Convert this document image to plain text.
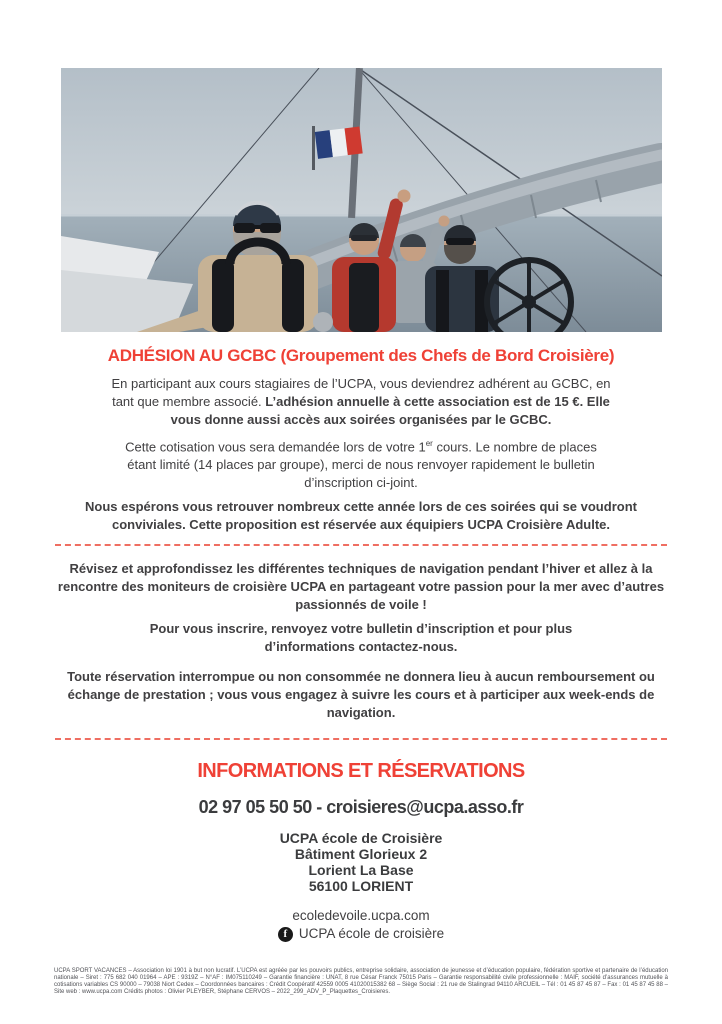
ADHÉSION AU GCBC (Groupement des Chefs de Bord Croisière)

En participant aux cours stagiaires de l’UCPA, vous deviendrez adhérent au GCBC, en tant que membre associé. L’adhésion annuelle à cette association est de 15 €. Elle vous donne aussi accès aux soirées organisées par le GCBC.

Cette cotisation vous sera demandée lors de votre 1er cours. Le nombre de places étant limité (14 places par groupe), merci de nous renvoyer rapidement le bulletin d’inscription ci-joint.

Nous espérons vous retrouver nombreux cette année lors de ces soirées qui se voudront conviviales. Cette proposition est réservée aux équipiers UCPA Croisière Adulte.

Révisez et approfondissez les différentes techniques de navigation pendant l’hiver et allez à la rencontre des moniteurs de croisière UCPA en partageant votre passion pour la mer avec d’autres passionnés de voile !

Pour vous inscrire, renvoyez votre bulletin d’inscription et pour plus d’informations contactez-nous.

Toute réservation interrompue ou non consommée ne donnera lieu à aucun remboursement ou échange de prestation ; vous vous engagez à suivre les cours et à participer aux week-ends de navigation.

INFORMATIONS ET RÉSERVATIONS

02 97 05 50 50 - croisieres@ucpa.asso.fr

UCPA école de Croisière
Bâtiment Glorieux 2
Lorient La Base
56100 LORIENT

ecoledevoile.ucpa.com

f UCPA école de croisière

UCPA SPORT VACANCES – Association loi 1901 à but non lucratif. L’UCPA est agréée par les pouvoirs publics, entreprise solidaire, association de jeunesse et d’éducation populaire, fédération sportive et partenaire de l’éducation nationale – Siret : 775 682 040 01964 – APE : 9319Z – N°AF : IM075110249 – Garantie financière : UNAT, 8 rue César Franck 75015 Paris – Garantie responsabilité civile professionnelle : MAIF, société d’assurances mutuelle à cotisations variables CS 90000 – 79038 Niort Cedex – Coordonnées bancaires : Crédit Coopératif 42559 0005 41020015382 68 – Siège Social : 21 rue de Stalingrad 94110 ARCUEIL – Tél : 01 45 87 45 87 – Fax : 01 45 87 45 88 – Site web : www.ucpa.com Crédits photos : Olivier PLEYBER, Stéphane CERVOS – 2022_299_ADV_P_Plaquettes_Croisieres.
